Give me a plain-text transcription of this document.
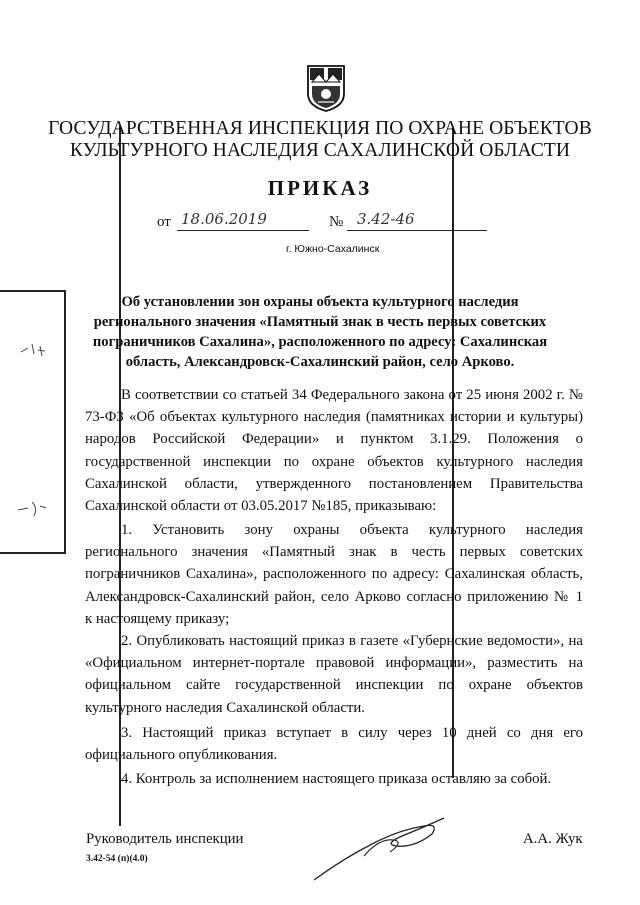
ГОСУДАРСТВЕННАЯ ИНСПЕКЦИЯ ПО ОХРАНЕ ОБЪЕКТОВ
КУЛЬТУРНОГО НАСЛЕДИЯ САХАЛИНСКОЙ ОБЛАСТИ
ПРИКАЗ
от 18.06.2019	№ 3.42-46
г. Южно-Сахалинск
Об установлении зон охраны объекта культурного наследия
регионального значения «Памятный знак в честь первых советских
пограничников Сахалина», расположенного по адресу: Сахалинская
область, Александровск-Сахалинский район, село Арково.
В соответствии со статьей 34 Федерального закона от 25 июня 2002 г. №
73-ФЗ «Об объектах культурного наследия (памятниках истории и культуры)
народов Российской Федерации» и пунктом 3.1.29. Положения о
государственной инспекции по охране объектов культурного наследия
Сахалинской области, утвержденного постановлением Правительства
Сахалинской области от 03.05.2017 №185, приказываю:
1. Установить зону охраны объекта культурного наследия
регионального значения «Памятный знак в честь первых советских
пограничников Сахалина», расположенного по адресу: Сахалинская область,
Александровск-Сахалинский район, село Арково согласно приложению № 1
к настоящему приказу;
2. Опубликовать настоящий приказ в газете «Губернские ведомости», на
«Официальном интернет-портале правовой информации», разместить на
официальном сайте государственной инспекции по охране объектов
культурного наследия Сахалинской области.
3. Настоящий приказ вступает в силу через 10 дней со дня его
официального опубликования.
4. Контроль за исполнением настоящего приказа оставляю за собой.
Руководитель инспекции	А.А. Жук
3.42-54 (п)(4.0)
